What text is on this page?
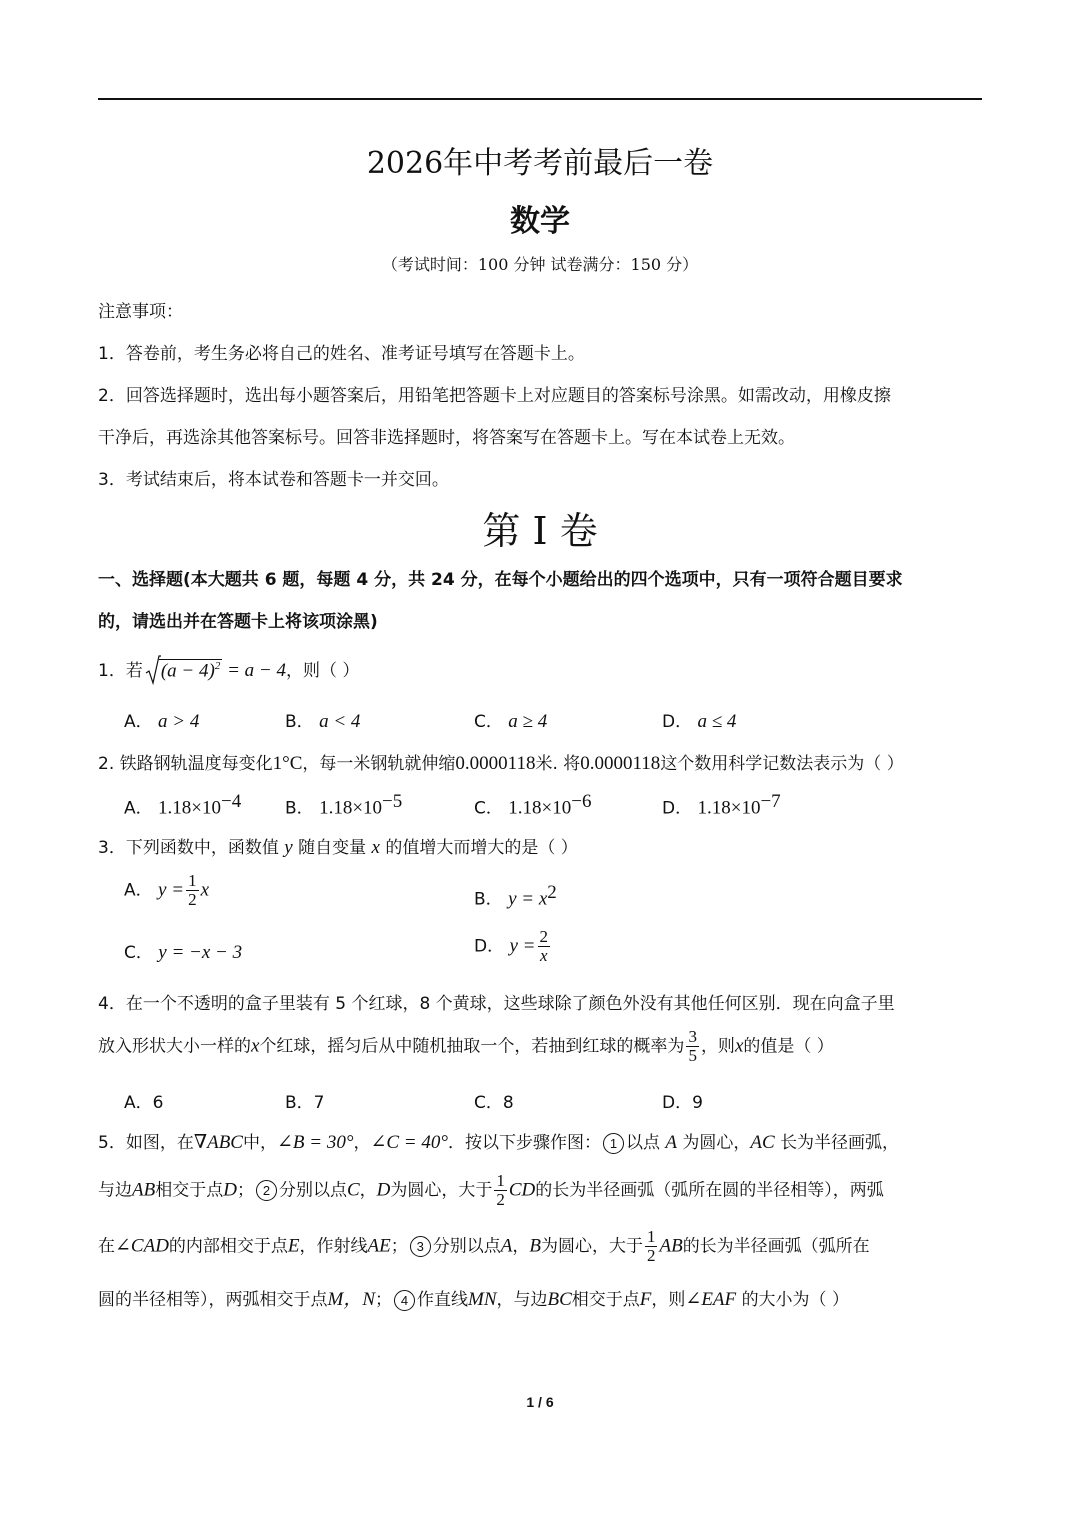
2026年中考考前最后一卷
数学
（考试时间：100 分钟 试卷满分：150 分）
注意事项：
1．答卷前，考生务必将自己的姓名、准考证号填写在答题卡上。
2．回答选择题时，选出每小题答案后，用铅笔把答题卡上对应题目的答案标号涂黑。如需改动，用橡皮擦
干净后，再选涂其他答案标号。回答非选择题时，将答案写在答题卡上。写在本试卷上无效。
3．考试结束后，将本试卷和答题卡一并交回。
第 I 卷
一、选择题(本大题共 6 题，每题 4 分，共 24 分，在每个小题给出的四个选项中，只有一项符合题目要求
的，请选出并在答题卡上将该项涂黑)
1．若 $(a - 4)^2 = a - 4$，则（ ）
A． a > 4	B． a < 4	C． a ≥ 4	D． a ≤ 4
2. 铁路钢轨温度每变化1°C，每一米钢轨就伸缩0.0000118米. 将0.0000118这个数用科学记数法表示为（ ）
A． $1.18\times 10^{-4}$	B． $1.18\times 10^{-5}$	C． $1.18\times 10^{-6}$	D． $1.18\times 10^{-7}$
3．下列函数中，函数值 y 随自变量 x 的值增大而增大的是（ ）
A． $y = \frac{1}{2}$ x	B． $y = x^2$
C． y = −x − 3	D． $y = \frac{2}{x}$
4．在一个不透明的盒子里装有 5 个红球，8 个黄球，这些球除了颜色外没有其他任何区别．现在向盒子里
放入形状大小一样的x个红球，摇匀后从中随机抽取一个，若抽到红球的概率为 $\frac{3}{5}$ ，则x的值是（ ）
A．6	B．7	C．8	D．9
5．如图，在∇ABC中，∠B = 30°，∠C = 40°．按以下步骤作图： 1 以点 A 为圆心，AC 长为半径画弧，
与边AB相交于点D； 2 分别以点C，D为圆心，大于 $\frac{1}{2}$ CD的长为半径画弧（弧所在圆的半径相等），两弧
在∠CAD的内部相交于点E，作射线AE； 3 分别以点A，B为圆心，大于 $\frac{1}{2}$ AB的长为半径画弧（弧所在
圆的半径相等），两弧相交于点M，N； 4 作直线MN，与边BC相交于点F，则∠EAF 的大小为（ ）
1 / 6
